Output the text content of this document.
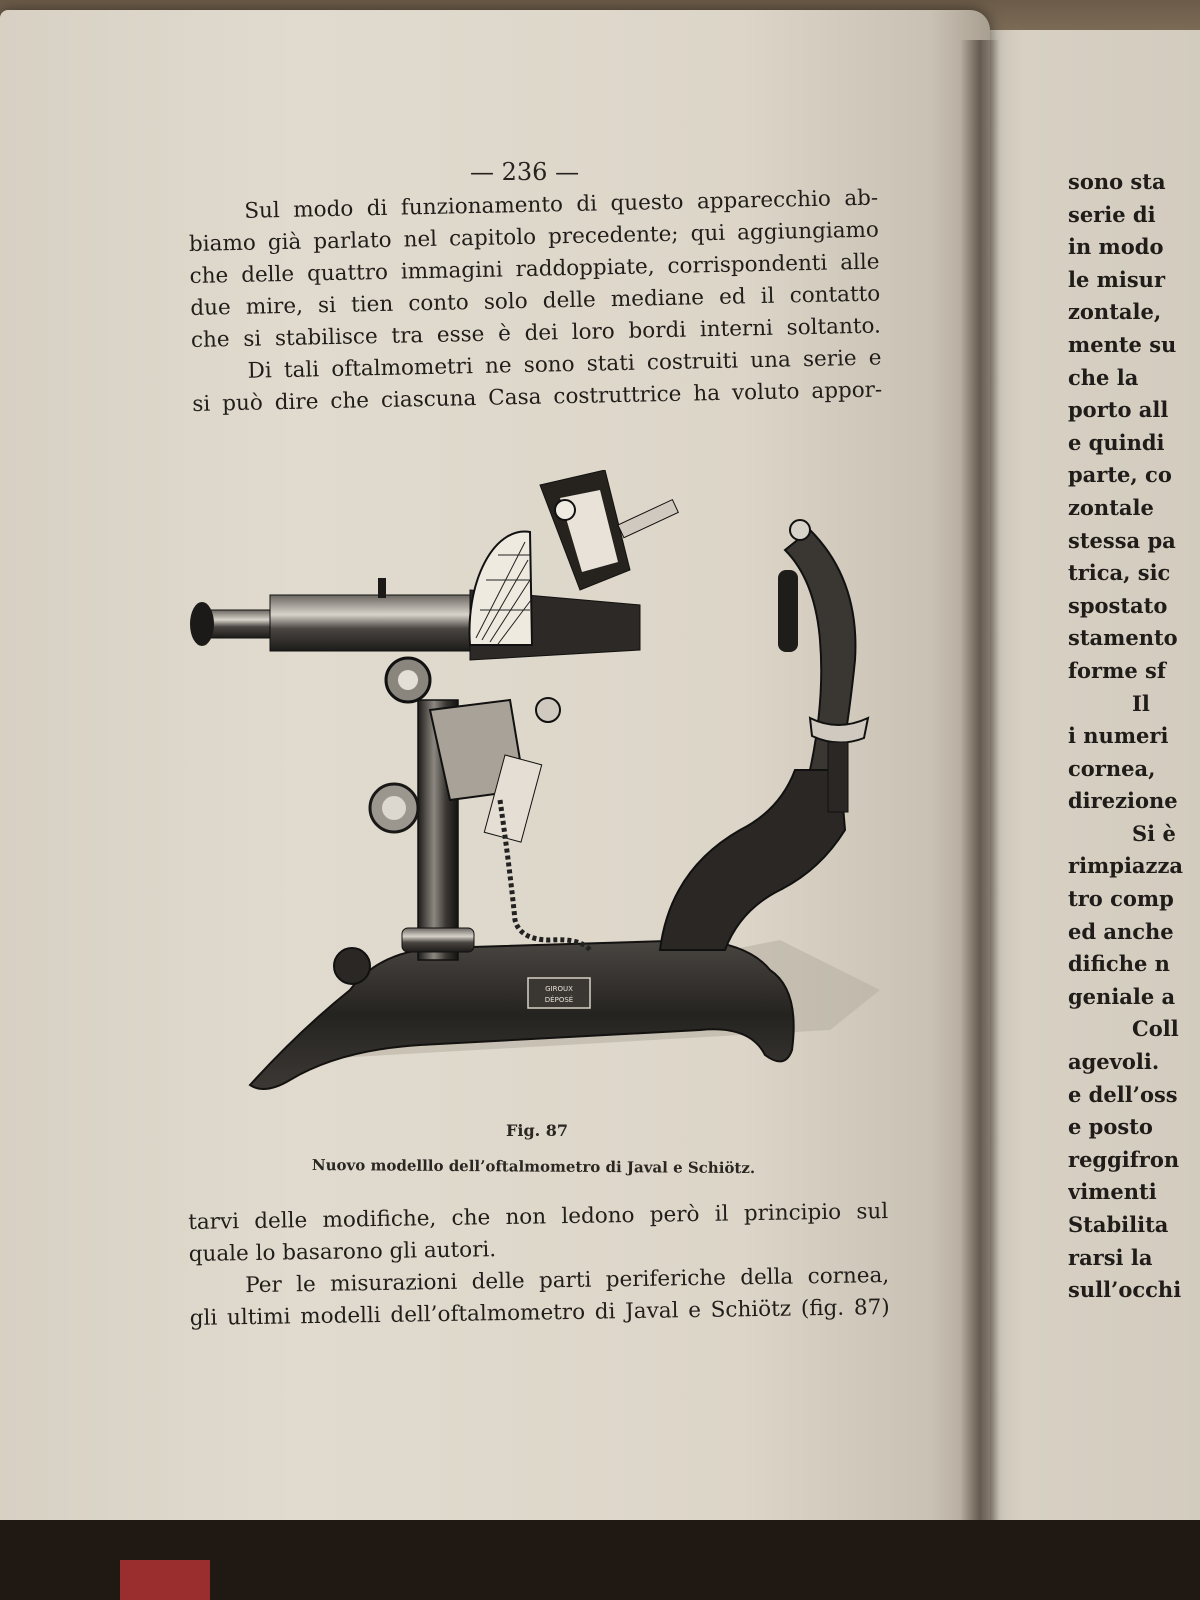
— 236 —
Sul modo di funzionamento di questo apparecchio ab-
biamo già parlato nel capitolo precedente; qui aggiungiamo
che delle quattro immagini raddoppiate, corrispondenti alle
due mire, si tien conto solo delle mediane ed il contatto
che si stabilisce tra esse è dei loro bordi interni soltanto.
Di tali oftalmometri ne sono stati costruiti una serie e
si può dire che ciascuna Casa costruttrice ha voluto appor-
GIROUX
DÉPOSÉ
Fig. 87
Nuovo modelllo dell’oftalmometro di Javal e Schiötz.
tarvi delle modifiche, che non ledono però il principio sul
quale lo basarono gli autori.
Per le misurazioni delle parti periferiche della cornea,
gli ultimi modelli dell’oftalmometro di Javal e Schiötz (fig. 87)
sono sta
serie di
in modo
le misur
zontale,
mente su
che la
porto all
e quindi
parte, co
zontale
stessa pa
trica, sic
spostato
stamento
forme sf
Il
i numeri
cornea,
direzione
Si è
rimpiazza
tro comp
ed anche
difiche n
geniale a
Coll
agevoli.
e dell’oss
e posto
reggifron
vimenti
Stabilita
rarsi la
sull’occhi
